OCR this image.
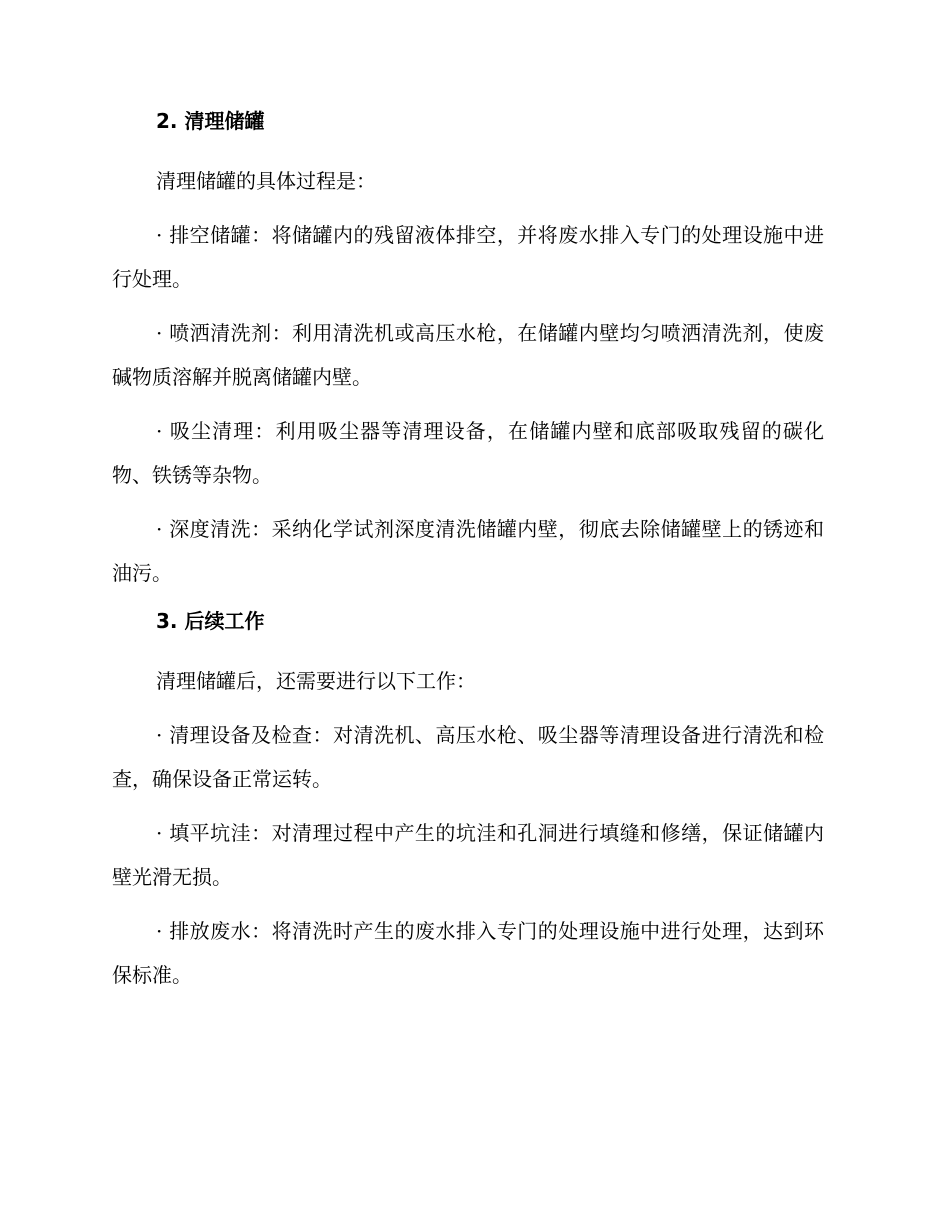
2. 清理储罐

清理储罐的具体过程是：

· 排空储罐：将储罐内的残留液体排空，并将废水排入专门的处理设施中进行处理。

· 喷洒清洗剂：利用清洗机或高压水枪，在储罐内壁均匀喷洒清洗剂，使废碱物质溶解并脱离储罐内壁。

· 吸尘清理：利用吸尘器等清理设备，在储罐内壁和底部吸取残留的碳化物、铁锈等杂物。

· 深度清洗：采纳化学试剂深度清洗储罐内壁，彻底去除储罐壁上的锈迹和油污。

3. 后续工作

清理储罐后，还需要进行以下工作：

· 清理设备及检查：对清洗机、高压水枪、吸尘器等清理设备进行清洗和检查，确保设备正常运转。

· 填平坑洼：对清理过程中产生的坑洼和孔洞进行填缝和修缮，保证储罐内壁光滑无损。

· 排放废水：将清洗时产生的废水排入专门的处理设施中进行处理，达到环保标准。
